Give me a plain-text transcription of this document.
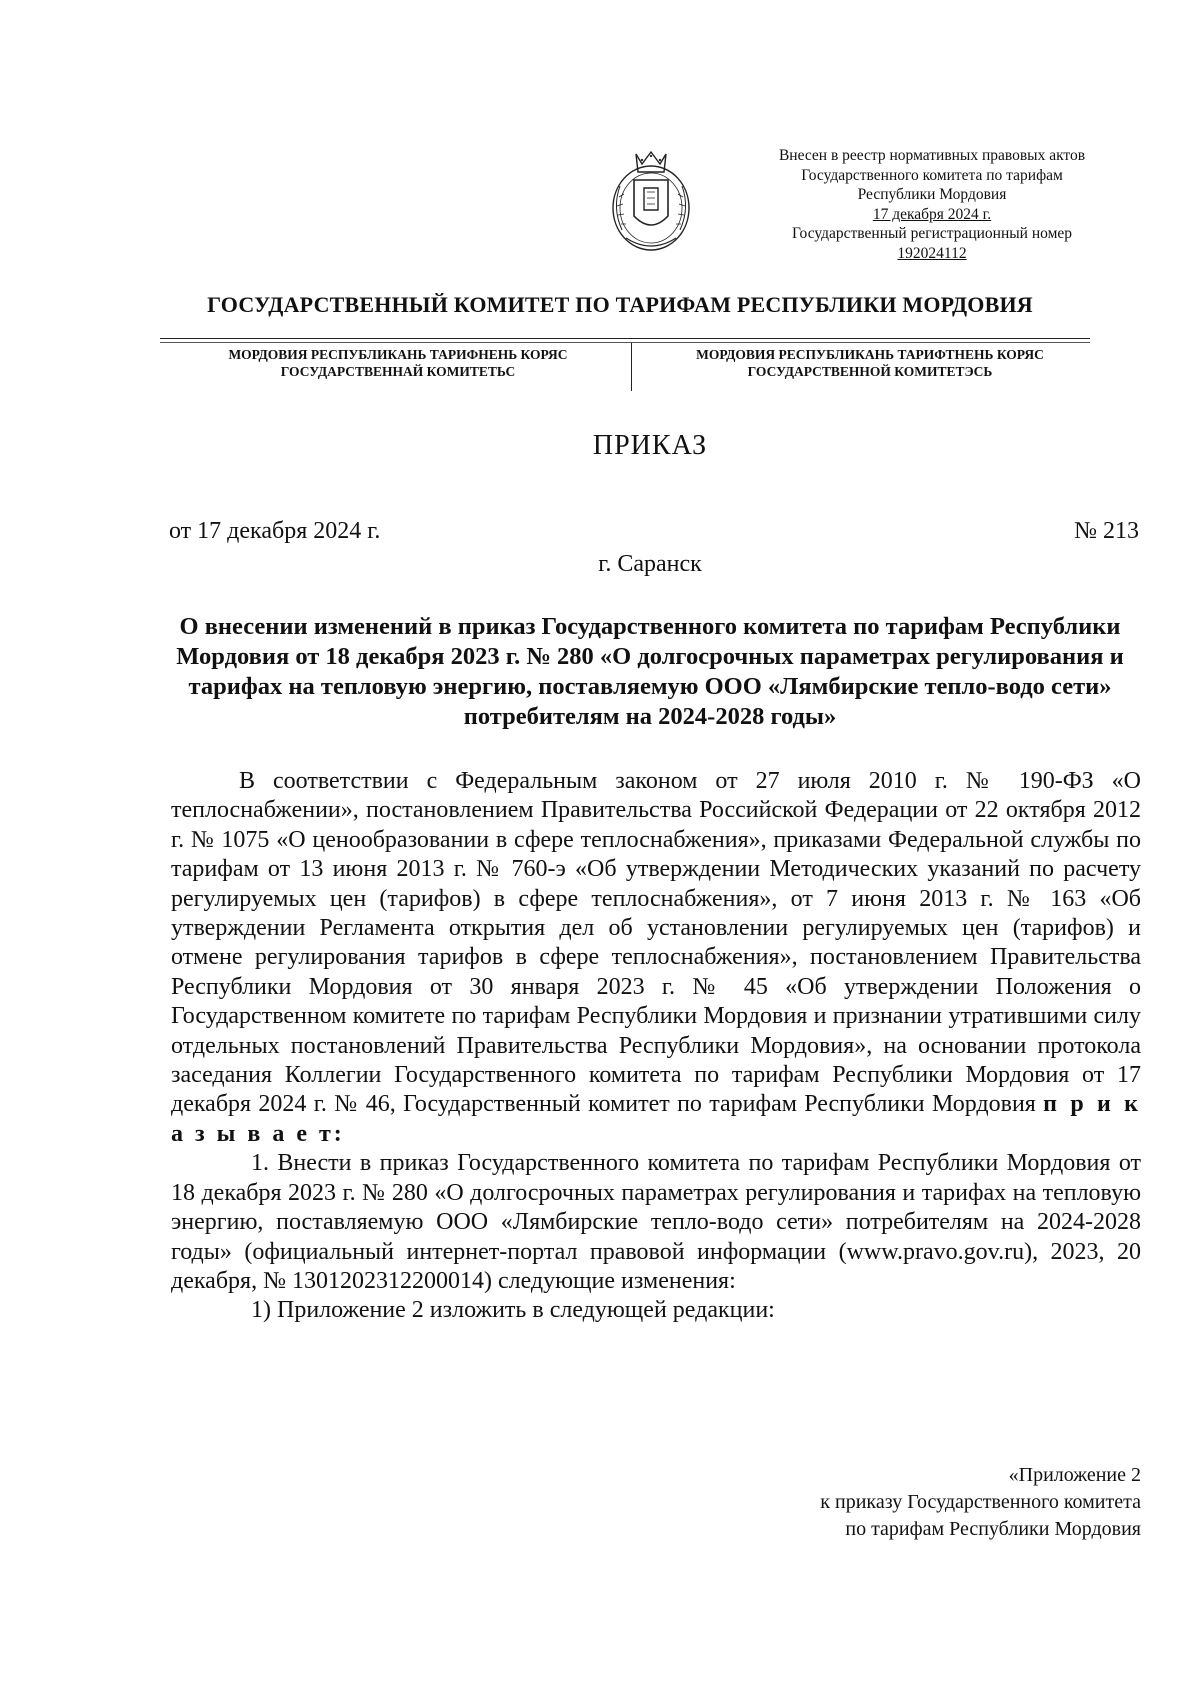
Внесен в реестр нормативных правовых актов
Государственного комитета по тарифам
Республики Мордовия
17 декабря 2024 г.
Государственный регистрационный номер
192024112
ГОСУДАРСТВЕННЫЙ КОМИТЕТ ПО ТАРИФАМ РЕСПУБЛИКИ МОРДОВИЯ
МОРДОВИЯ РЕСПУБЛИКАНЬ ТАРИФНЕНЬ КОРЯС
ГОСУДАРСТВЕННАЙ КОМИТЕТЬС
МОРДОВИЯ РЕСПУБЛИКАНЬ ТАРИФТНЕНЬ КОРЯС
ГОСУДАРСТВЕННОЙ КОМИТЕТЭСЬ
ПРИКАЗ
от 17 декабря 2024 г.	№ 213
г. Саранск
О внесении изменений в приказ Государственного комитета по тарифам Республики Мордовия от 18 декабря 2023 г. № 280 «О долгосрочных параметрах регулирования и тарифах на тепловую энергию, поставляемую ООО «Лямбирские тепло-водо сети» потребителям на 2024-2028 годы»

В соответствии с Федеральным законом от 27 июля 2010 г. № 190-ФЗ «О теплоснабжении», постановлением Правительства Российской Федерации от 22 октября 2012 г. № 1075 «О ценообразовании в сфере теплоснабжения», приказами Федеральной службы по тарифам от 13 июня 2013 г. № 760-э «Об утверждении Методических указаний по расчету регулируемых цен (тарифов) в сфере теплоснабжения», от 7 июня 2013 г. № 163 «Об утверждении Регламента открытия дел об установлении регулируемых цен (тарифов) и отмене регулирования тарифов в сфере теплоснабжения», постановлением Правительства Республики Мордовия от 30 января 2023 г. № 45 «Об утверждении Положения о Государственном комитете по тарифам Республики Мордовия и признании утратившими силу отдельных постановлений Правительства Республики Мордовия», на основании протокола заседания Коллегии Государственного комитета по тарифам Республики Мордовия от 17 декабря 2024 г. № 46, Государственный комитет по тарифам Республики Мордовия п р и к а з ы в а е т:

1. Внести в приказ Государственного комитета по тарифам Республики Мордовия от 18 декабря 2023 г. № 280 «О долгосрочных параметрах регулирования и тарифах на тепловую энергию, поставляемую ООО «Лямбирские тепло-водо сети» потребителям на 2024-2028 годы» (официальный интернет-портал правовой информации (www.pravo.gov.ru), 2023, 20 декабря, № 1301202312200014) следующие изменения:

1) Приложение 2 изложить в следующей редакции:

«Приложение 2
к приказу Государственного комитета
по тарифам Республики Мордовия
